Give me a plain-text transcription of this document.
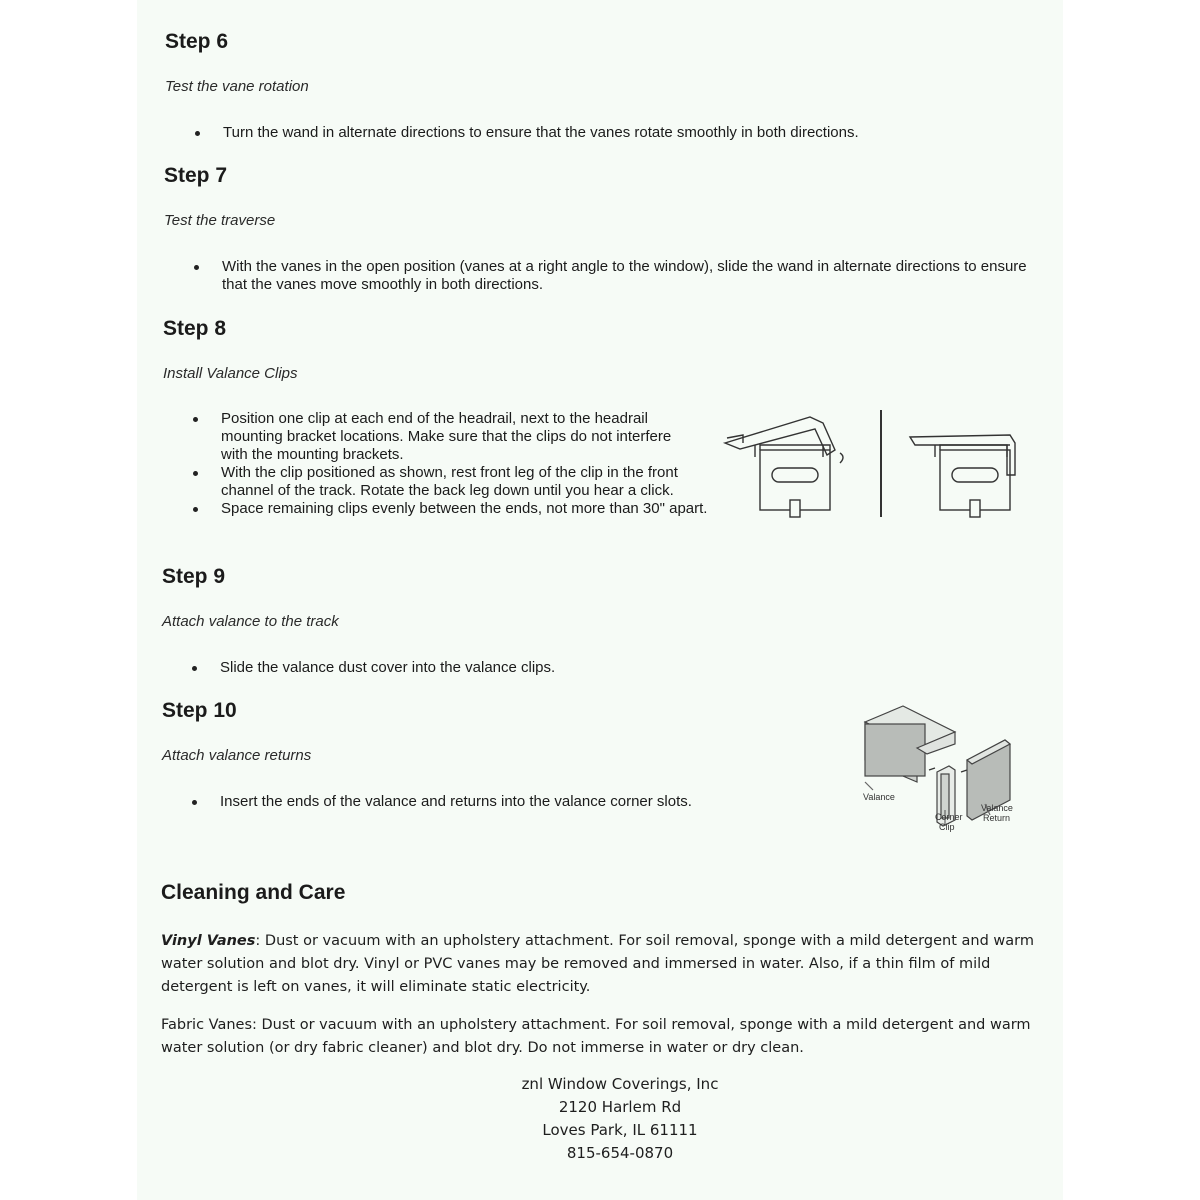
Step 6
Test the vane rotation
Turn the wand in alternate directions to ensure that the vanes rotate smoothly in both directions.
Step 7
Test the traverse
With the vanes in the open position (vanes at a right angle to the window), slide the wand in alternate directions to ensure that the vanes move smoothly in both directions.
Step 8
Install Valance Clips
Position one clip at each end of the headrail, next to the headrail mounting bracket locations. Make sure that the clips do not interfere with the mounting brackets.
With the clip positioned as shown, rest front leg of the clip in the front channel of the track. Rotate the back leg down until you hear a click.
Space remaining clips evenly between the ends, not more than 30" apart.
Step 9
Attach valance to the track
Slide the valance dust cover into the valance clips.
Step 10
Attach valance returns
Insert the ends of the valance and returns into the valance corner slots.	Valance
Corner
Clip
Valance
Return
Cleaning and Care
Vinyl Vanes: Dust or vacuum with an upholstery attachment. For soil removal, sponge with a mild detergent and warm water solution and blot dry. Vinyl or PVC vanes may be removed and immersed in water. Also, if a thin film of mild detergent is left on vanes, it will eliminate static electricity.
Fabric Vanes: Dust or vacuum with an upholstery attachment. For soil removal, sponge with a mild detergent and warm water solution (or dry fabric cleaner) and blot dry. Do not immerse in water or dry clean.
znl Window Coverings, Inc
2120 Harlem Rd
Loves Park, IL 61111
815-654-0870
